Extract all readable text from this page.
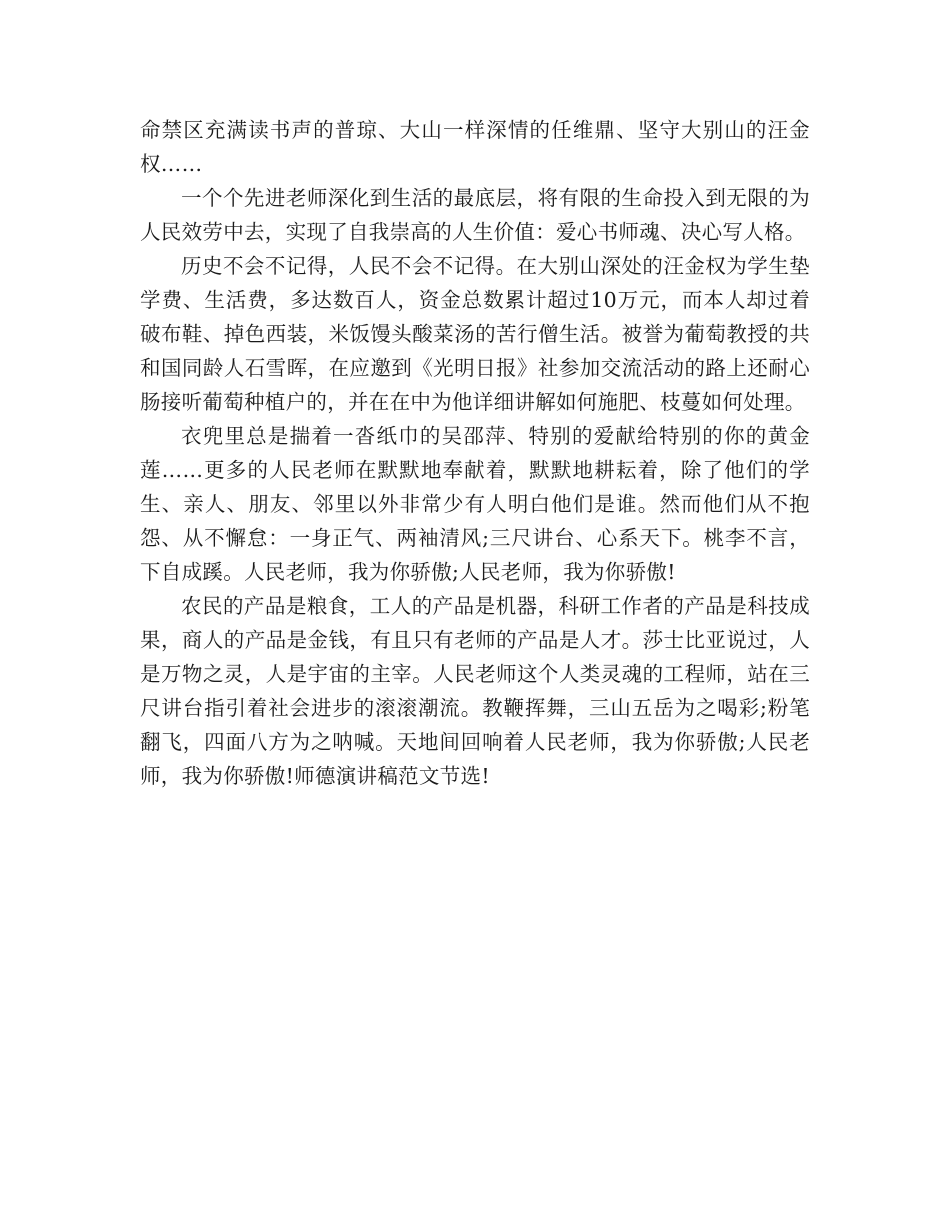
命禁区充满读书声的普琼、大山一样深情的任维鼎、坚守大别山的汪金权……

一个个先进老师深化到生活的最底层，将有限的生命投入到无限的为人民效劳中去，实现了自我崇高的人生价值：爱心书师魂、决心写人格。

历史不会不记得，人民不会不记得。在大别山深处的汪金权为学生垫学费、生活费，多达数百人，资金总数累计超过10万元，而本人却过着破布鞋、掉色西装，米饭馒头酸菜汤的苦行僧生活。被誉为葡萄教授的共和国同龄人石雪晖，在应邀到《光明日报》社参加交流活动的路上还耐心肠接听葡萄种植户的，并在在中为他详细讲解如何施肥、枝蔓如何处理。

衣兜里总是揣着一沓纸巾的吴邵萍、特别的爱献给特别的你的黄金莲……更多的人民老师在默默地奉献着，默默地耕耘着，除了他们的学生、亲人、朋友、邻里以外非常少有人明白他们是谁。然而他们从不抱怨、从不懈怠：一身正气、两袖清风;三尺讲台、心系天下。桃李不言，下自成蹊。人民老师，我为你骄傲;人民老师，我为你骄傲!

农民的产品是粮食，工人的产品是机器，科研工作者的产品是科技成果，商人的产品是金钱，有且只有老师的产品是人才。莎士比亚说过，人是万物之灵，人是宇宙的主宰。人民老师这个人类灵魂的工程师，站在三尺讲台指引着社会进步的滚滚潮流。教鞭挥舞，三山五岳为之喝彩;粉笔翻飞，四面八方为之呐喊。天地间回响着人民老师，我为你骄傲;人民老师，我为你骄傲!师德演讲稿范文节选!
